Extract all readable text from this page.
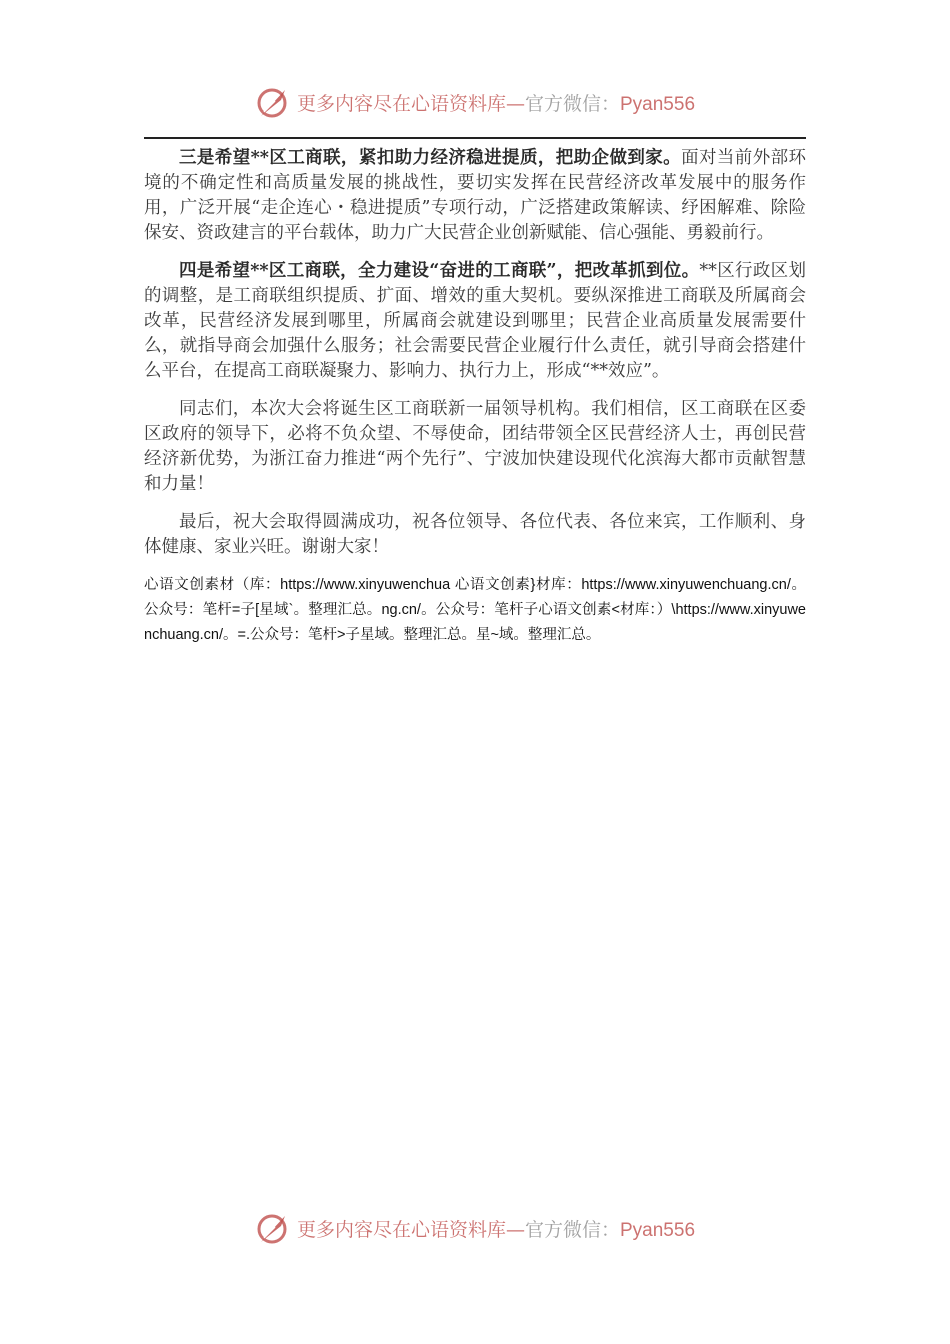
更多内容尽在心语资料库—官方微信：Pyan556

三是希望**区工商联，紧扣助力经济稳进提质，把助企做到家。面对当前外部环境的不确定性和高质量发展的挑战性，要切实发挥在民营经济改革发展中的服务作用，广泛开展“走企连心・稳进提质”专项行动，广泛搭建政策解读、纾困解难、除险保安、资政建言的平台载体，助力广大民营企业创新赋能、信心强能、勇毅前行。

四是希望**区工商联，全力建设“奋进的工商联”，把改革抓到位。**区行政区划的调整，是工商联组织提质、扩面、增效的重大契机。要纵深推进工商联及所属商会改革，民营经济发展到哪里，所属商会就建设到哪里；民营企业高质量发展需要什么，就指导商会加强什么服务；社会需要民营企业履行什么责任，就引导商会搭建什么平台，在提高工商联凝聚力、影响力、执行力上，形成“**效应”。

同志们，本次大会将诞生区工商联新一届领导机构。我们相信，区工商联在区委区政府的领导下，必将不负众望、不辱使命，团结带领全区民营经济人士，再创民营经济新优势，为浙江奋力推进“两个先行”、宁波加快建设现代化滨海大都市贡献智慧和力量！

最后，祝大会取得圆满成功，祝各位领导、各位代表、各位来宾，工作顺利、身体健康、家业兴旺。谢谢大家！

心语文创素材（库：https://www.xinyuwenchua 心语文创素}材库：https://www.xinyuwenchuang.cn/。公众号：笔杆=子[星域`。整理汇总。ng.cn/。公众号：笔杆子心语文创素<材库：）\https://www.xinyuwenchuang.cn/。=.公众号：笔杆>子星域。整理汇总。星~域。整理汇总。

更多内容尽在心语资料库—官方微信：Pyan556
